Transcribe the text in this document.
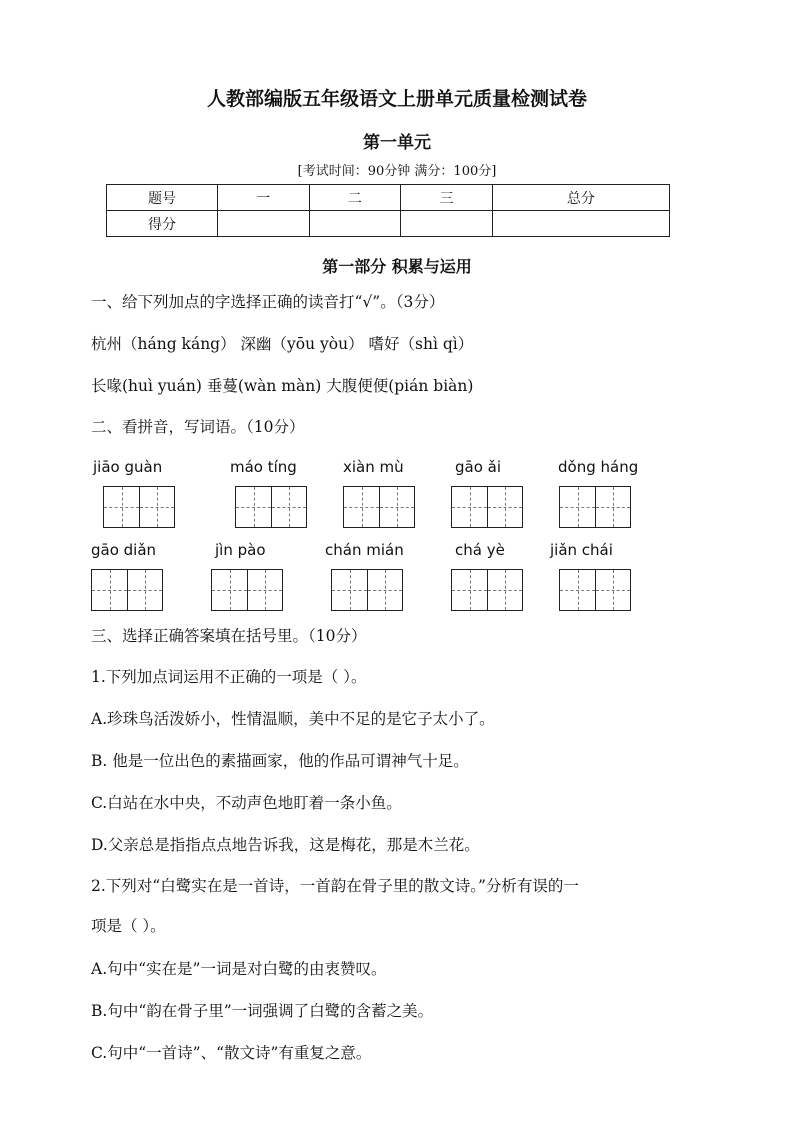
人教部编版五年级语文上册单元质量检测试卷
第一单元
[考试时间：90分钟 满分：100分]
题号	一	二	三	总分
得分				
第一部分 积累与运用
一、给下列加点的字选择正确的读音打“√”。（3分）
杭州（háng káng） 深幽（yōu yòu） 嗜好（shì qì）
长喙(huì yuán) 垂蔓(wàn màn) 大腹便便(pián biàn)
二、看拼音，写词语。（10分）
jiāo guàn	máo tíng	xiàn mù	gāo ǎi	dǒng háng
gāo diǎn	jìn pào	chán mián	chá yè	jiǎn chái
三、选择正确答案填在括号里。（10分）
1.下列加点词运用不正确的一项是（ ）。
A.珍珠鸟活泼娇小，性情温顺，美中不足的是它子太小了。
B. 他是一位出色的素描画家，他的作品可谓神气十足。
C.白站在水中央，不动声色地盯着一条小鱼。
D.父亲总是指指点点地告诉我，这是梅花，那是木兰花。
2.下列对“白鹭实在是一首诗，一首韵在骨子里的散文诗。”分析有误的一
项是（ ）。
A.句中“实在是”一词是对白鹭的由衷赞叹。
B.句中“韵在骨子里”一词强调了白鹭的含蓄之美。
C.句中“一首诗”、“散文诗”有重复之意。
